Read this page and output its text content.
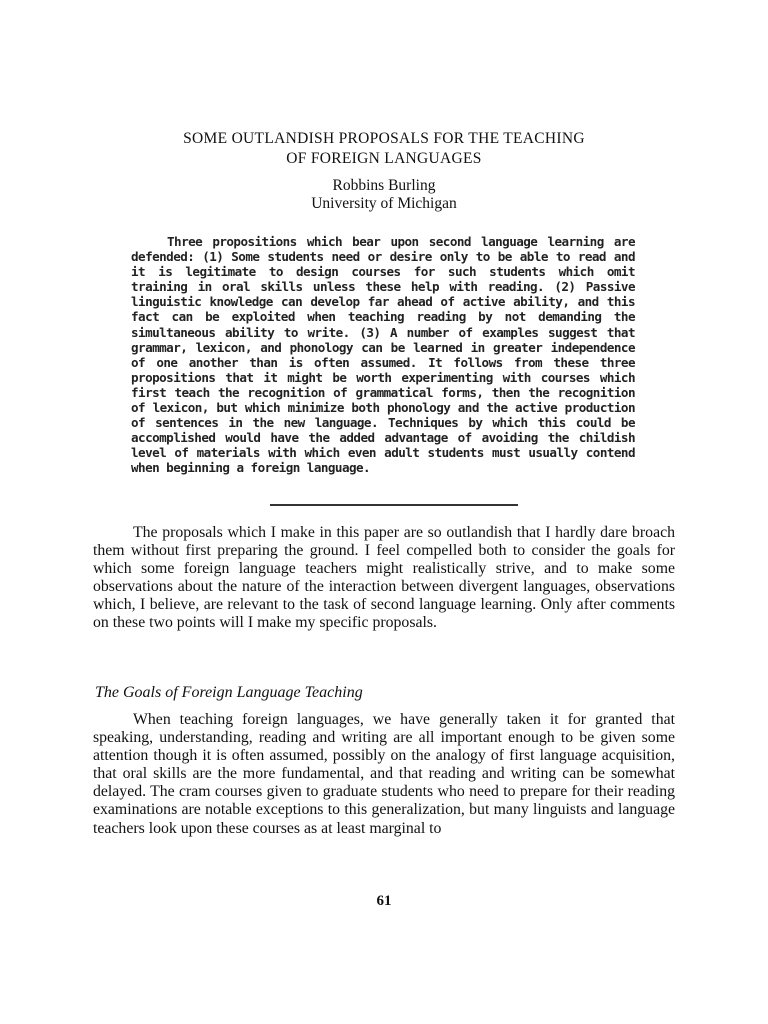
SOME OUTLANDISH PROPOSALS FOR THE TEACHING
OF FOREIGN LANGUAGES
Robbins Burling
University of Michigan

Three propositions which bear upon second language learning are defended: (1) Some students need or desire only to be able to read and it is legitimate to design courses for such students which omit training in oral skills unless these help with reading. (2) Passive linguistic knowledge can develop far ahead of active ability, and this fact can be exploited when teaching reading by not demanding the simultaneous ability to write. (3) A number of examples suggest that grammar, lexicon, and phonology can be learned in greater independence of one another than is often assumed. It follows from these three propositions that it might be worth experimenting with courses which first teach the recognition of grammatical forms, then the recognition of lexicon, but which minimize both phonology and the active production of sentences in the new language. Techniques by which this could be accomplished would have the added advantage of avoiding the childish level of materials with which even adult students must usually contend when beginning a foreign language.

The proposals which I make in this paper are so outlandish that I hardly dare broach them without first preparing the ground. I feel compelled both to consider the goals for which some foreign language teachers might realistically strive, and to make some observations about the nature of the interaction between divergent languages, observations which, I believe, are relevant to the task of second language learning. Only after comments on these two points will I make my specific proposals.

The Goals of Foreign Language Teaching

When teaching foreign languages, we have generally taken it for granted that speaking, understanding, reading and writing are all important enough to be given some attention though it is often assumed, possibly on the analogy of first language acquisition, that oral skills are the more fundamental, and that reading and writing can be somewhat delayed. The cram courses given to graduate students who need to prepare for their reading examinations are notable exceptions to this generalization, but many linguists and language teachers look upon these courses as at least marginal to

61
